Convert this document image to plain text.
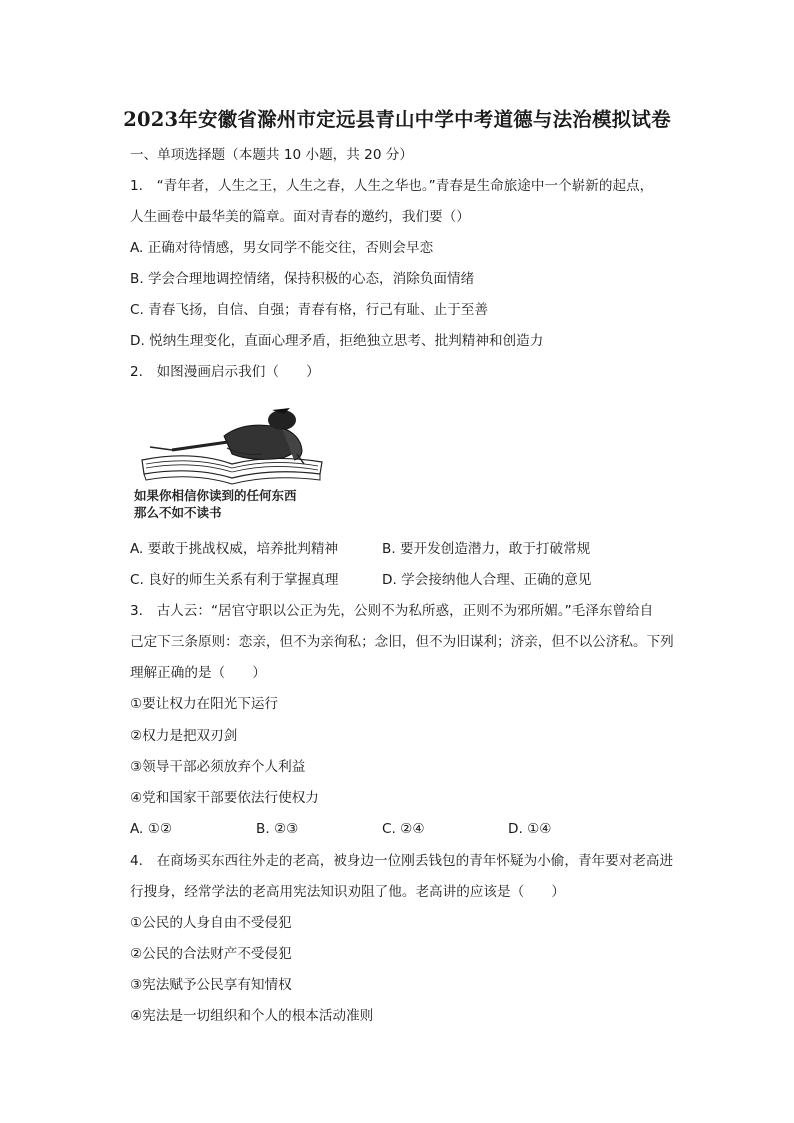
2023年安徽省滁州市定远县青山中学中考道德与法治模拟试卷
一、单项选择题（本题共 10 小题，共 20 分）
1.　“青年者，人生之王，人生之春，人生之华也。”青春是生命旅途中一个崭新的起点，
人生画卷中最华美的篇章。面对青春的邀约，我们要（）
A. 正确对待情感，男女同学不能交往，否则会早恋
B. 学会合理地调控情绪，保持积极的心态，消除负面情绪
C. 青春飞扬，自信、自强；青春有格，行己有耻、止于至善
D. 悦纳生理变化，直面心理矛盾，拒绝独立思考、批判精神和创造力
2.　如图漫画启示我们（　　）
如果你相信你读到的任何东西
那么不如不读书
A. 要敢于挑战权威，培养批判精神	B. 要开发创造潜力，敢于打破常规
C. 良好的师生关系有利于掌握真理	D. 学会接纳他人合理、正确的意见
3.　古人云：“居官守职以公正为先，公则不为私所惑，正则不为邪所媚。”毛泽东曾给自
己定下三条原则：恋亲，但不为亲徇私；念旧，但不为旧谋利；济亲，但不以公济私。下列
理解正确的是（　　）
①要让权力在阳光下运行
②权力是把双刃剑
③领导干部必须放弃个人利益
④党和国家干部要依法行使权力
A. ①②	B. ②③	C. ②④	D. ①④
4.　在商场买东西往外走的老高，被身边一位刚丢钱包的青年怀疑为小偷，青年要对老高进
行搜身，经常学法的老高用宪法知识劝阻了他。老高讲的应该是（　　）
①公民的人身自由不受侵犯
②公民的合法财产不受侵犯
③宪法赋予公民享有知情权
④宪法是一切组织和个人的根本活动准则
